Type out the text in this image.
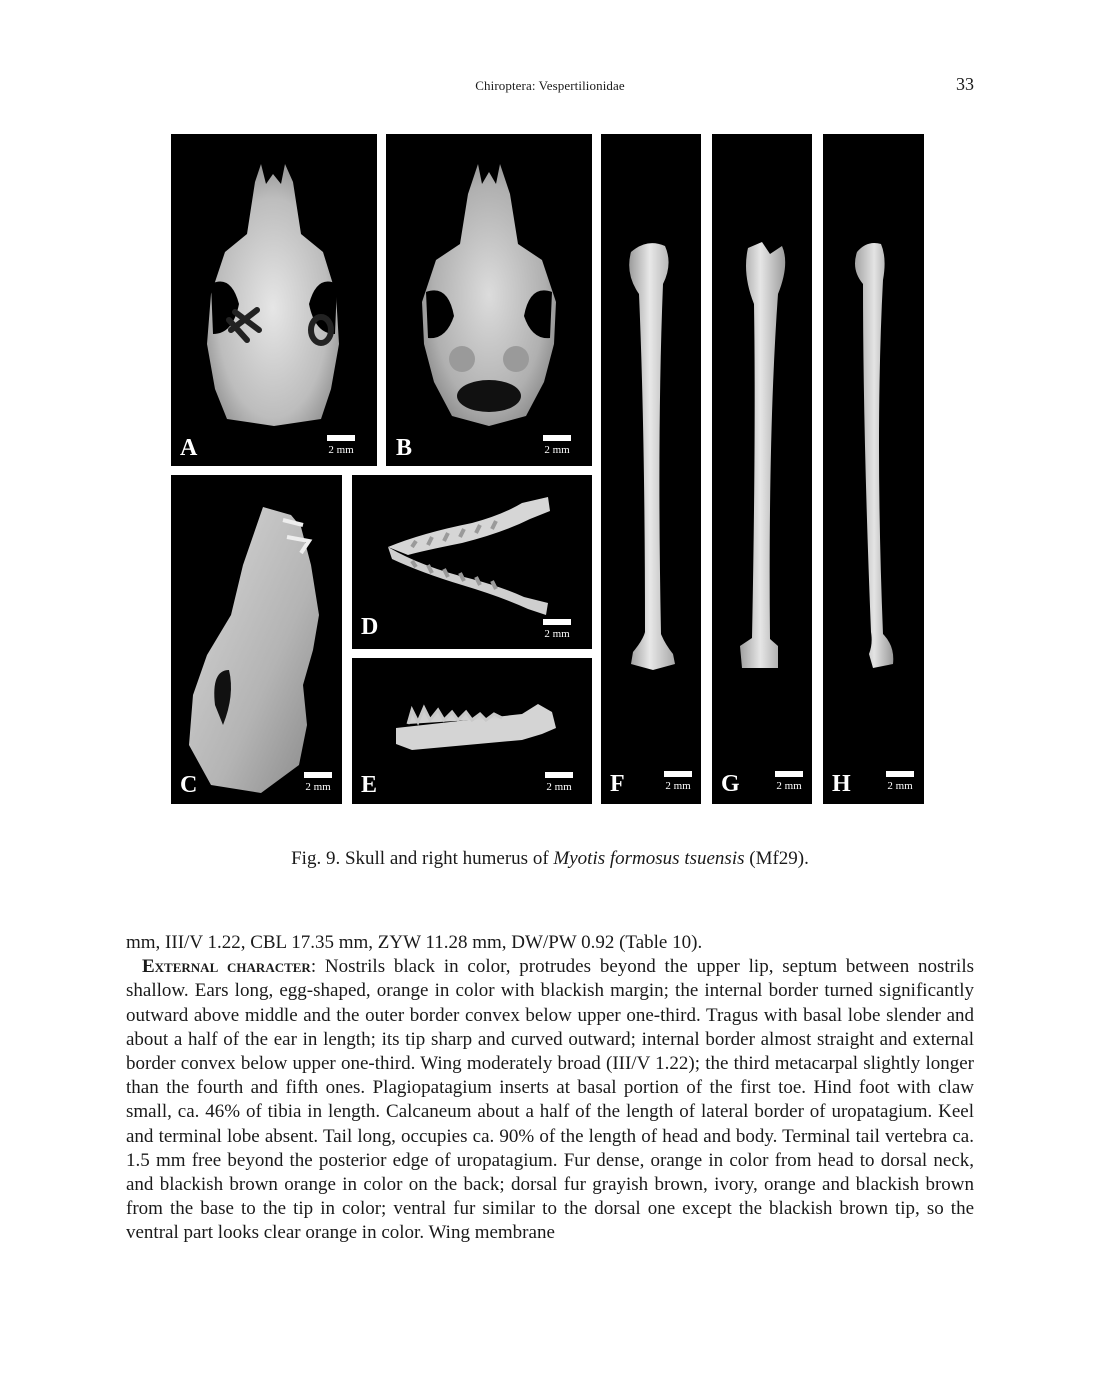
Chiroptera: Vespertilionidae	33
A	2 mm	B	2 mm
C	2 mm
D	2 mm
E	2 mm	F	2 mm	G	2 mm	H	2 mm
Fig. 9. Skull and right humerus of Myotis formosus tsuensis (Mf29).

mm, III/V 1.22, CBL 17.35 mm, ZYW 11.28 mm, DW/PW 0.92 (Table 10).

External character: Nostrils black in color, protrudes beyond the upper lip, septum between nostrils shallow. Ears long, egg-shaped, orange in color with blackish margin; the internal border turned significantly outward above middle and the outer border convex below upper one-third. Tragus with basal lobe slender and about a half of the ear in length; its tip sharp and curved outward; internal border almost straight and external border convex below upper one-third. Wing moderately broad (III/V 1.22); the third metacarpal slightly longer than the fourth and fifth ones. Plagiopatagium inserts at basal portion of the first toe. Hind foot with claw small, ca. 46% of tibia in length. Calcaneum about a half of the length of lateral border of uropatagium. Keel and terminal lobe absent. Tail long, occupies ca. 90% of the length of head and body. Terminal tail vertebra ca. 1.5 mm free beyond the posterior edge of uropatagium. Fur dense, orange in color from head to dorsal neck, and blackish brown orange in color on the back; dorsal fur grayish brown, ivory, orange and blackish brown from the base to the tip in color; ventral fur similar to the dorsal one except the blackish brown tip, so the ventral part looks clear orange in color. Wing membrane
